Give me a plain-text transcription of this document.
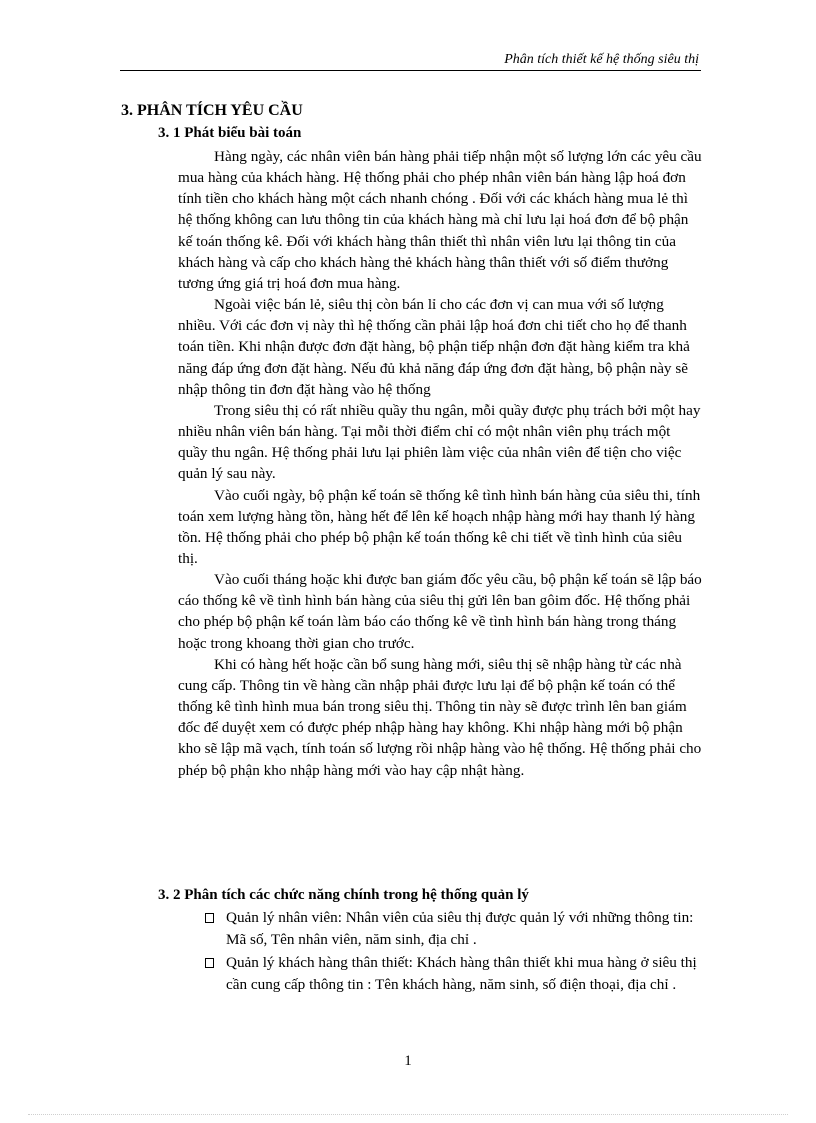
Phân tích thiết kế hệ thống siêu thị
3. PHÂN TÍCH YÊU CẦU
3. 1 Phát biểu bài toán

Hàng ngày, các nhân viên bán hàng phải tiếp nhận một số lượng lớn các yêu cầu mua hàng của khách hàng. Hệ thống phải cho phép nhân viên bán hàng lập hoá đơn tính tiền cho khách hàng một cách nhanh chóng . Đối với các khách hàng mua lẻ thì hệ thống không can lưu thông tin của khách hàng mà chỉ lưu lại hoá đơn để bộ phận kế toán thống kê. Đối với khách hàng thân thiết thì nhân viên lưu lại thông tin của khách hàng và cấp cho khách hàng thẻ khách hàng thân thiết với số điểm thưởng tương ứng giá trị hoá đơn mua hàng.

Ngoài việc bán lẻ, siêu thị còn bán lỉ cho các đơn vị can mua với số lượng nhiều. Với các đơn vị này thì hệ thống cần phải lập hoá đơn chi tiết cho họ để thanh toán tiền. Khi nhận được đơn đặt hàng, bộ phận tiếp nhận đơn đặt hàng kiểm tra khả năng đáp ứng đơn đặt hàng. Nếu đủ khả năng đáp ứng đơn đặt hàng, bộ phận này sẽ nhập thông tin đơn đặt hàng vào hệ thống

Trong siêu thị có rất nhiều quầy thu ngân, mỗi quầy được phụ trách bởi một hay nhiều nhân viên bán hàng. Tại mỗi thời điểm chỉ có một nhân viên phụ trách một quầy thu ngân. Hệ thống phải lưu lại phiên làm việc của nhân viên để tiện cho việc quản lý sau này.

Vào cuối ngày, bộ phận kế toán sẽ thống kê tình hình bán hàng của siêu thi, tính toán xem lượng hàng tồn, hàng hết để lên kế hoạch nhập hàng mới hay thanh lý hàng tồn. Hệ thống phải cho phép bộ phận kế toán thống kê chi tiết về tình hình của siêu thị.

Vào cuối tháng hoặc khi được ban giám đốc yêu cầu, bộ phận kế toán sẽ lập báo cáo thống kê về tình hình bán hàng của siêu thị gửi lên ban gôim đốc. Hệ thống phải cho phép bộ phận kế toán làm báo cáo thống kê về tình hình bán hàng trong tháng hoặc trong khoang thời gian cho trước.

Khi có hàng hết hoặc cần bổ sung hàng mới, siêu thị sẽ nhập hàng từ các nhà cung cấp. Thông tin về hàng cần nhập phải được lưu lại để bộ phận kế toán có thể thống kê tình hình mua bán trong siêu thị. Thông tin này sẽ được trình lên ban giám đốc để duyệt xem có được phép nhập hàng hay không. Khi nhập hàng mới bộ phận kho sẽ lập mã vạch, tính toán số lượng rồi nhập hàng vào hệ thống. Hệ thống phải cho phép bộ phận kho nhập hàng mới vào hay cập nhật hàng.

3. 2 Phân tích các chức năng chính trong hệ thống quản lý
Quản lý nhân viên: Nhân viên của siêu thị được quản lý với những thông tin: Mã số, Tên nhân viên, năm sinh, địa chỉ .
Quản lý khách hàng thân thiết: Khách hàng thân thiết khi mua hàng ở siêu thị cần cung cấp thông tin : Tên khách hàng, năm sinh, số điện thoại, địa chỉ .
1
